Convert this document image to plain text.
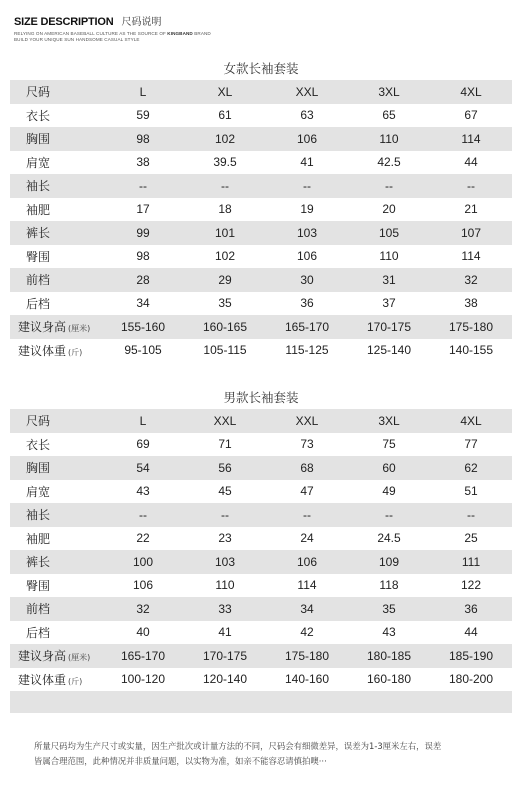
SIZE DESCRIPTION 尺码说明
RELYING ON AMERICAN BASEBALL CULTURE AS THE SOURCE OF KINGBAND BRAND
BUILD YOUR UNIQUE SUN HANDSOME CASUAL STYLE
女款长袖套装
尺码	L	XL	XXL	3XL	4XL
衣长	59	61	63	65	67
胸围	98	102	106	110	114
肩宽	38	39.5	41	42.5	44
袖长	--	--	--	--	--
袖肥	17	18	19	20	21
裤长	99	101	103	105	107
臀围	98	102	106	110	114
前档	28	29	30	31	32
后档	34	35	36	37	38
建议身高 (厘米)	155-160	160-165	165-170	170-175	175-180
建议体重 (斤)	95-105	105-115	115-125	125-140	140-155
男款长袖套装
尺码	L	XXL	XXL	3XL	4XL
衣长	69	71	73	75	77
胸围	54	56	68	60	62
肩宽	43	45	47	49	51
袖长	--	--	--	--	--
袖肥	22	23	24	24.5	25
裤长	100	103	106	109	111
臀围	106	110	114	118	122
前档	32	33	34	35	36
后档	40	41	42	43	44
建议身高 (厘米)	165-170	170-175	175-180	180-185	185-190
建议体重 (斤)	100-120	120-140	140-160	160-180	180-200
所量尺码均为生产尺寸或实量，因生产批次或计量方法的不同，尺码会有细微差异，误差为1-3厘米左右，误差
皆属合理范围，此种情况并非质量问题，以实物为准，如亲不能容忍请慎拍噢···
